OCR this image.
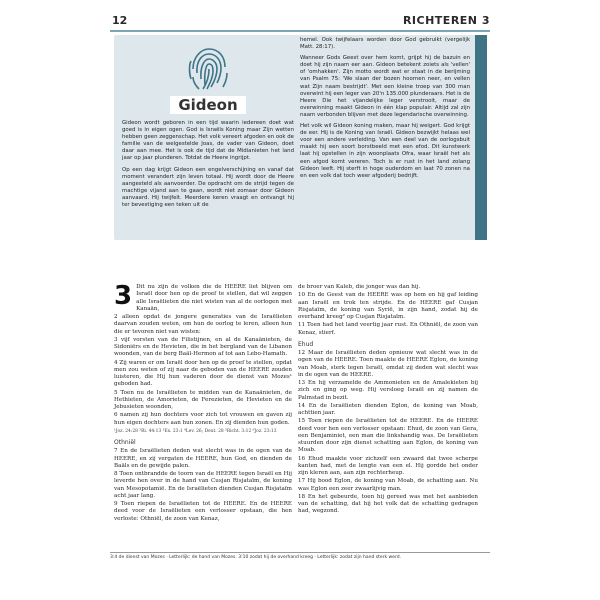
12	RICHTEREN 3
Gideon

Gideon wordt geboren in een tijd waarin iedereen doet wat goed is in eigen ogen. God is Israëls Koning maar Zijn wetten hebben geen zeggenschap. Het volk vereert afgoden en ook de familie van de welgestelde Joas, de vader van Gideon, doet daar aan mee. Het is ook de tijd dat de Midianieten het land jaar op jaar plunderen. Totdat de Heere ingrijpt.

Op een dag krijgt Gideon een engelverschijning en vanaf dat moment verandert zijn leven totaal. Hij wordt door de Heere aangesteld als aanvoerder. De opdracht om de strijd tegen de machtige vijand aan te gaan, wordt niet zomaar door Gideon aanvaard. Hij twijfelt. Meerdere keren vraagt en ontvangt hij ter bevestiging een teken uit de

hemel. Ook twijfelaars worden door God gebruikt (vergelijk Matt. 28:17).

Wanneer Gods Geest over hem komt, grijpt hij de bazuin en doet hij zijn naam eer aan. Gideon betekent zoiets als 'vellen' of 'omhakken'. Zijn motto wordt wat er staat in de berijming van Psalm 75: 'We slaan der bozen hoornen neer, en vellen wat Zijn naam bestrijdt'. Met een kleine troep van 300 man overwint hij een leger van 20'n 135.000 plunderaars. Het is de Heere Die het vijandelijke leger verstrooit, maar de overwinning maakt Gideon in één klap populair. Altijd zal zijn naam verbonden blijven met deze legendarische overwinning.

Het volk wil Gideon koning maken, maar hij weigert. God krijgt de eer. Hij is de Koning van Israël. Gideon bezwijkt helaas wel voor een andere verleiding. Van een deel van de oorlogsbuit maakt hij een soort borstbeeld met een efod. Dit kunstwerk laat hij opstellen in zijn woonplaats Ofra, waar Israël het als een afgod komt vereren. Toch is er rust in het land zolang Gideon leeft. Hij sterft in hoge ouderdom en laat 70 zonen na en een volk dat toch weer afgoderij bedrijft.

3 Dit nu zijn de volken die de HEERE liet blijven om Israël door hen op de proef te stellen, dat wil zeggen alle Israëlieten die niet wisten van al de oorlogen met Kanaän,

2 alleen opdat de jongere generaties van de Israëlieten daarvan zouden weten, om hun de oorlog te leren, alleen hun die er tevoren niet van wisten:

3 vijf vorsten van de Filistijnen, en al de Kanaänieten, de Sidoniërs en de Hevieten, die in het bergland van de Libanon woonden, van de berg Baäl-Hermon af tot aan Lebo-Hamath.

4 Zij waren er om Israël door hen op de proef te stellen, opdat men zou weten of zij naar de geboden van de HEERE zouden luisteren, die Hij hun vaderen door de dienst van Mozes¹ geboden had.

5 Toen nu de Israëlieten te midden van de Kanaänieten, de Hethieten, de Amorieten, de Ferezieten, de Hevieten en de Jebusieten woonden,

6 namen zij hun dochters voor zich tot vrouwen en gaven zij hun eigen dochters aan hun zonen. En zij dienden hun goden.

¹Joz. 24:28 ²Ri. 44:13 ³Ex. 23:1 ⁴Lev. 26; Deut. 28 ⁵Richt. 3:12 ⁶Joz. 23:13

Othniël

7 En de Israëlieten deden wat slecht was in de ogen van de HEERE, en zij vergaten de HEERE, hun God, en dienden de Baäls en de gewijde palen.

8 Toen ontbrandde de toorn van de HEERE tegen Israël en Hij leverde hen over in de hand van Cusjan Risjataïm, de koning van Mesopotamië. En de Israëlieten dienden Cusjan Risjataïm acht jaar lang.

9 Toen riepen de Israëlieten tot de HEERE. En de HEERE deed voor de Israëlieten een verlosser opstaan, die hen verloste: Othniël, de zoon van Kenaz,

de broer van Kaleb, die jonger was dan hij.

10 En de Geest van de HEERE was op hem en hij gaf leiding aan Israël en trok ten strijde. En de HEERE gaf Cusjan Risjataïm, de koning van Syrië, in zijn hand, zodat hij de overhand kreeg² op Cusjan Risjataïm.

11 Toen had het land veertig jaar rust. En Othniël, de zoon van Kenaz, stierf.

Ehud

12 Maar de Israëlieten deden opnieuw wat slecht was in de ogen van de HEERE. Toen maakte de HEERE Eglon, de koning van Moab, sterk tegen Israël, omdat zij deden wat slecht was in de ogen van de HEERE.

13 En hij verzamelde de Ammonieten en de Amalekieten bij zich en ging op weg. Hij versloeg Israël en zij namen de Palmstad in bezit.

14 En de Israëlieten dienden Eglon, de koning van Moab, achttien jaar.

15 Toen riepen de Israëlieten tot de HEERE. En de HEERE deed voor hen een verlosser opstaan: Ehud, de zoon van Gera, een Benjaminiet, een man die linkshandig was. De Israëlieten stuurden door zijn dienst schatting aan Eglon, de koning van Moab.

16 Ehud maakte voor zichzelf een zwaard dat twee scherpe kanten had, met de lengte van een el. Hij gordde het onder zijn kleren aan, aan zijn rechterheup.

17 Hij bood Eglon, de koning van Moab, de schatting aan. Nu was Eglon een zeer zwaarlijvig man.

18 En het gebeurde, toen hij gereed was met het aanbieden van de schatting, dat hij het volk dat de schatting gedragen had, wegzond.

3:4 de dienst van Mozes · Letterlijk: de hand van Mozes. 3:10 zodat hij de overhand kreeg · Letterlijk: zodat zijn hand sterk werd.
